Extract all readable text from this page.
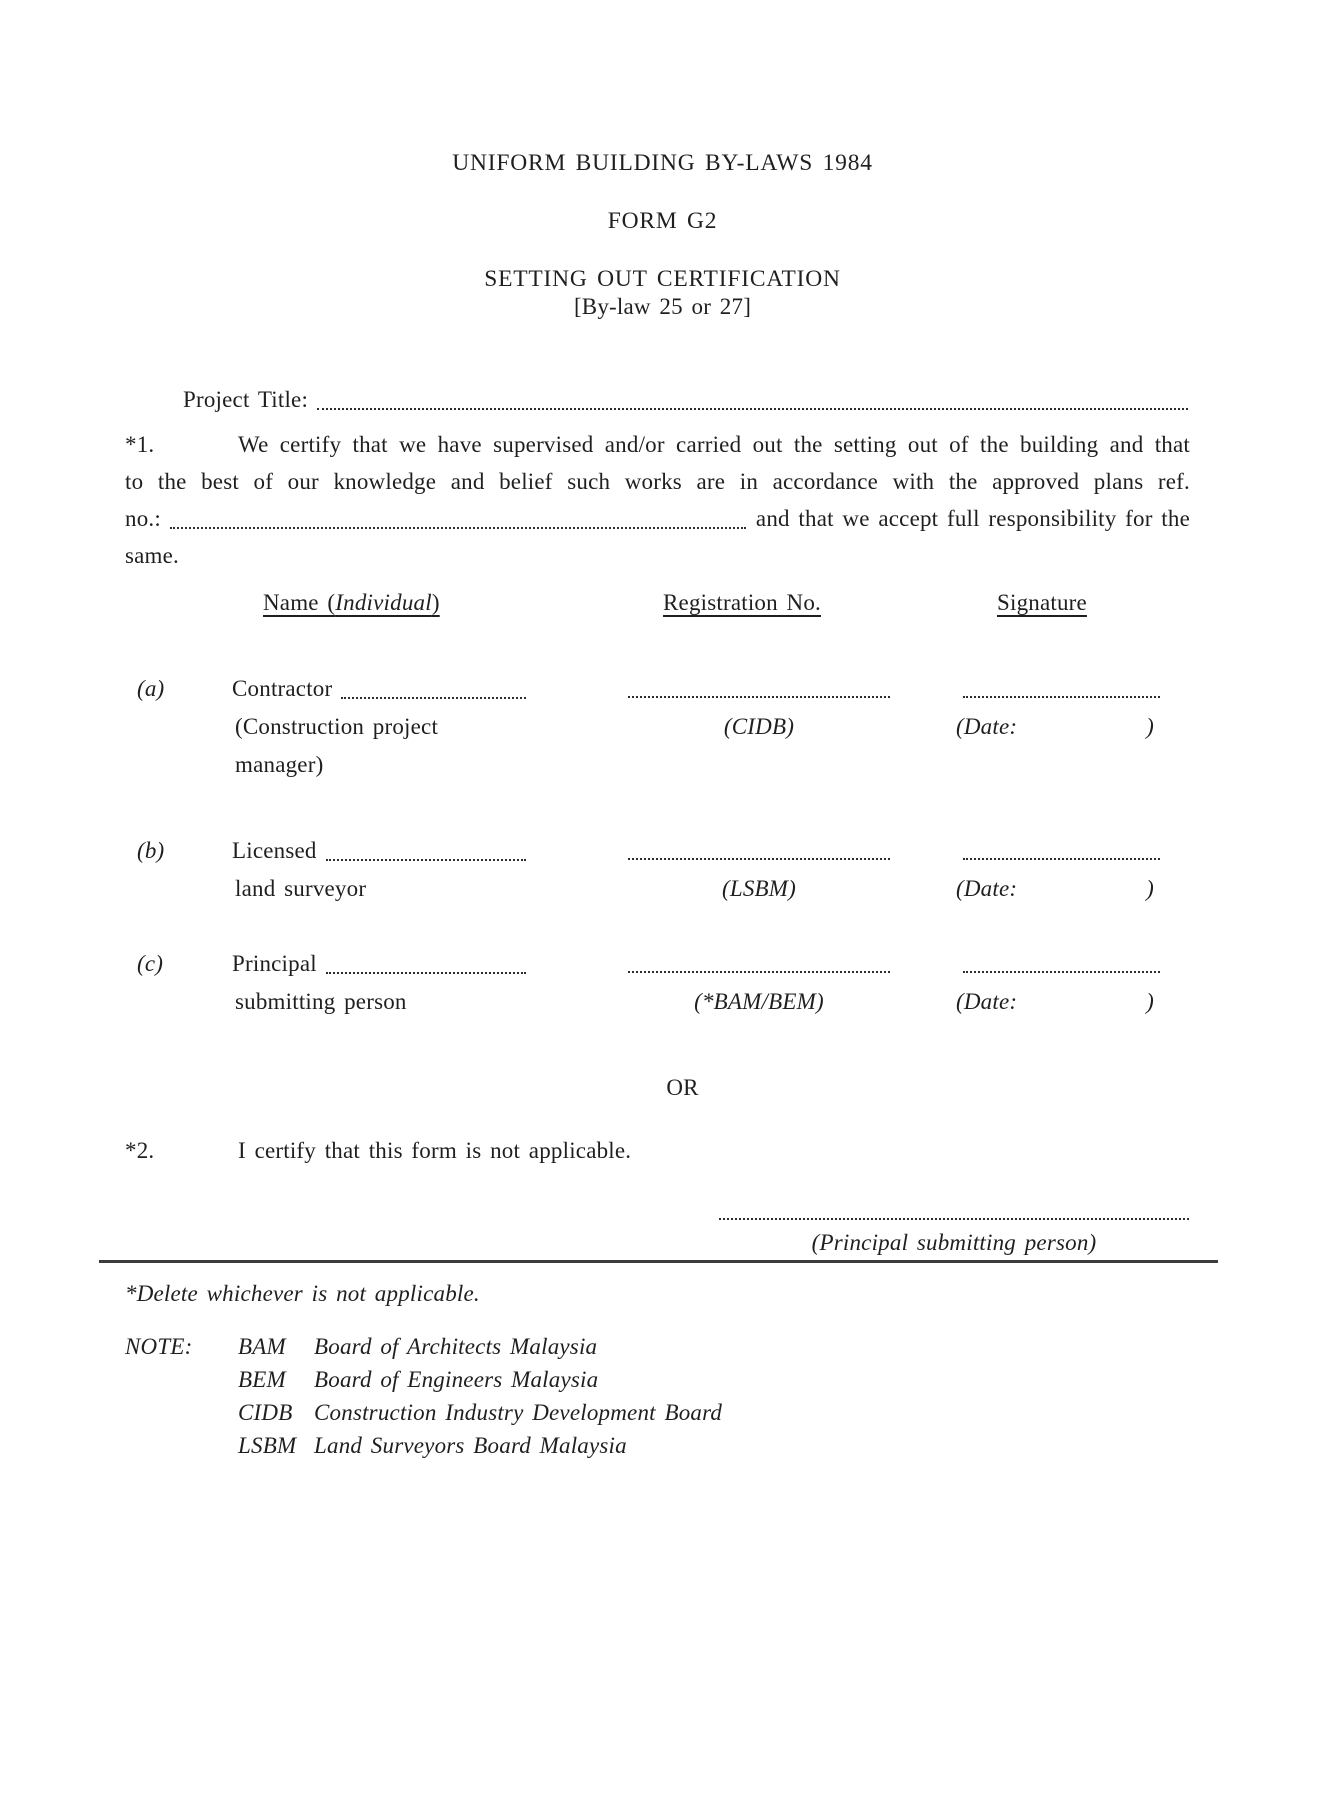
UNIFORM BUILDING BY-LAWS 1984
FORM G2
SETTING OUT CERTIFICATION
[By-law 25 or 27]
Project Title:
*1.	We certify that we have supervised and/or carried out the setting out of the building and that
to the best of our knowledge and belief such works are in accordance with the approved plans ref.
no.:	and that we accept full responsibility for the
same.
Name (Individual)	Registration No.	Signature
(a)	Contractor
(Construction project	(CIDB)	(Date:	)
manager)
(b)	Licensed
land surveyor	(LSBM)	(Date:	)
(c)	Principal
submitting person	(*BAM/BEM)	(Date:	)
OR
*2.	I certify that this form is not applicable.
(Principal submitting person)
*Delete whichever is not applicable.
NOTE: BAM Board of Architects Malaysia
BEM Board of Engineers Malaysia
CIDB Construction Industry Development Board
LSBM Land Surveyors Board Malaysia
